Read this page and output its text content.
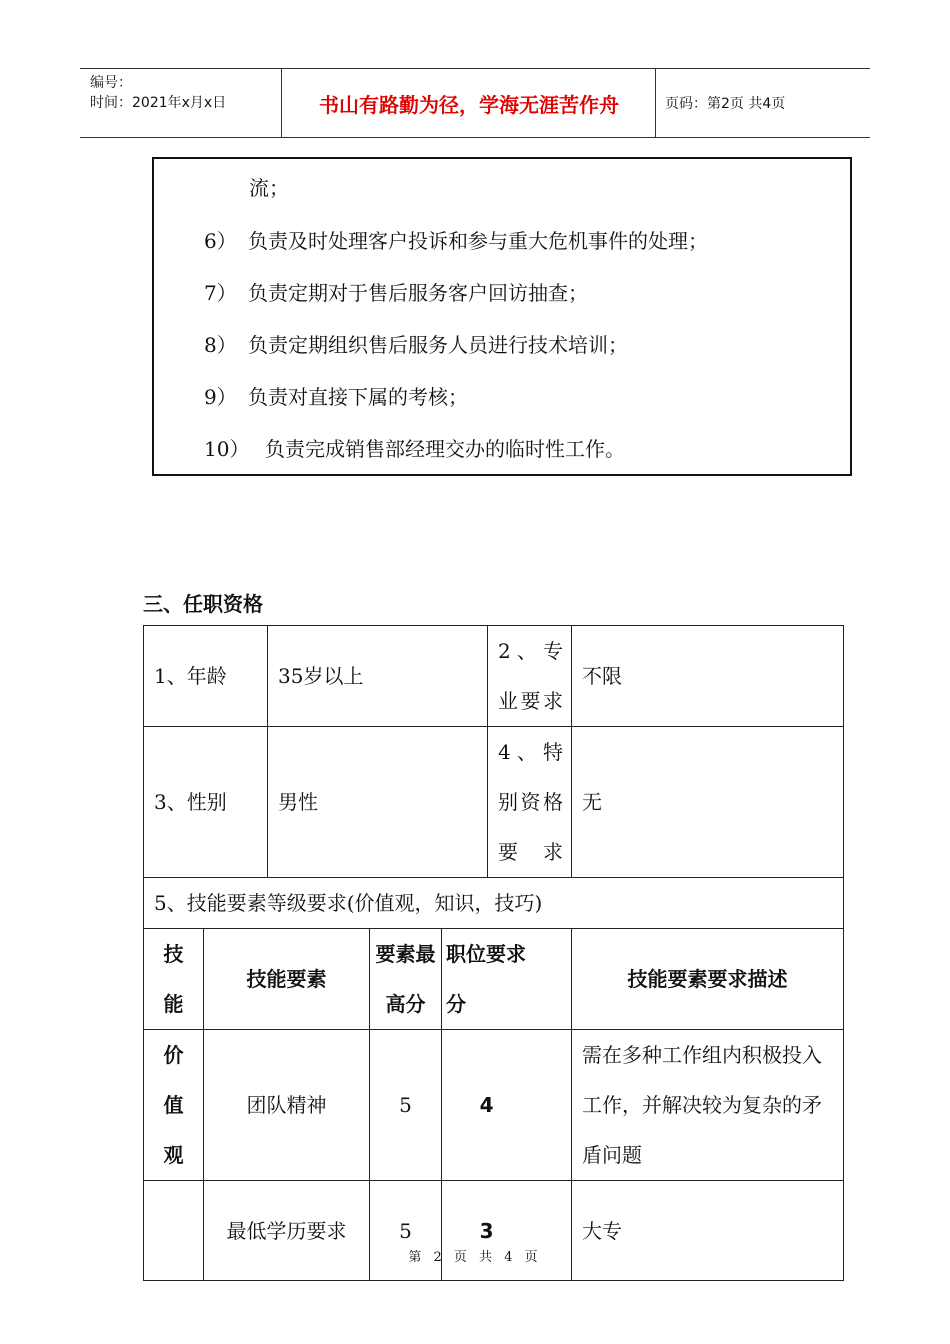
编号：
时间：2021年x月x日	书山有路勤为径，学海无涯苦作舟	页码：第2页 共4页
流；
6） 负责及时处理客户投诉和参与重大危机事件的处理；
7） 负责定期对于售后服务客户回访抽查；
8） 负责定期组织售后服务人员进行技术培训；
9） 负责对直接下属的考核；
10） 负责完成销售部经理交办的临时性工作。
三、任职资格
1、年龄		35岁以上			2、专业要求	不限
3、性别		男性			4、特别资格要求	无
5、技能要素等级要求(价值观，知识，技巧)						
技能	技能要素		要素最高分	职位要求分		技能要素要求描述
价值观	团队精神		5	4		需在多种工作组内积极投入工作，并解决较为复杂的矛盾问题
	最低学历要求		5	3		大专
第 2 页 共 4 页
